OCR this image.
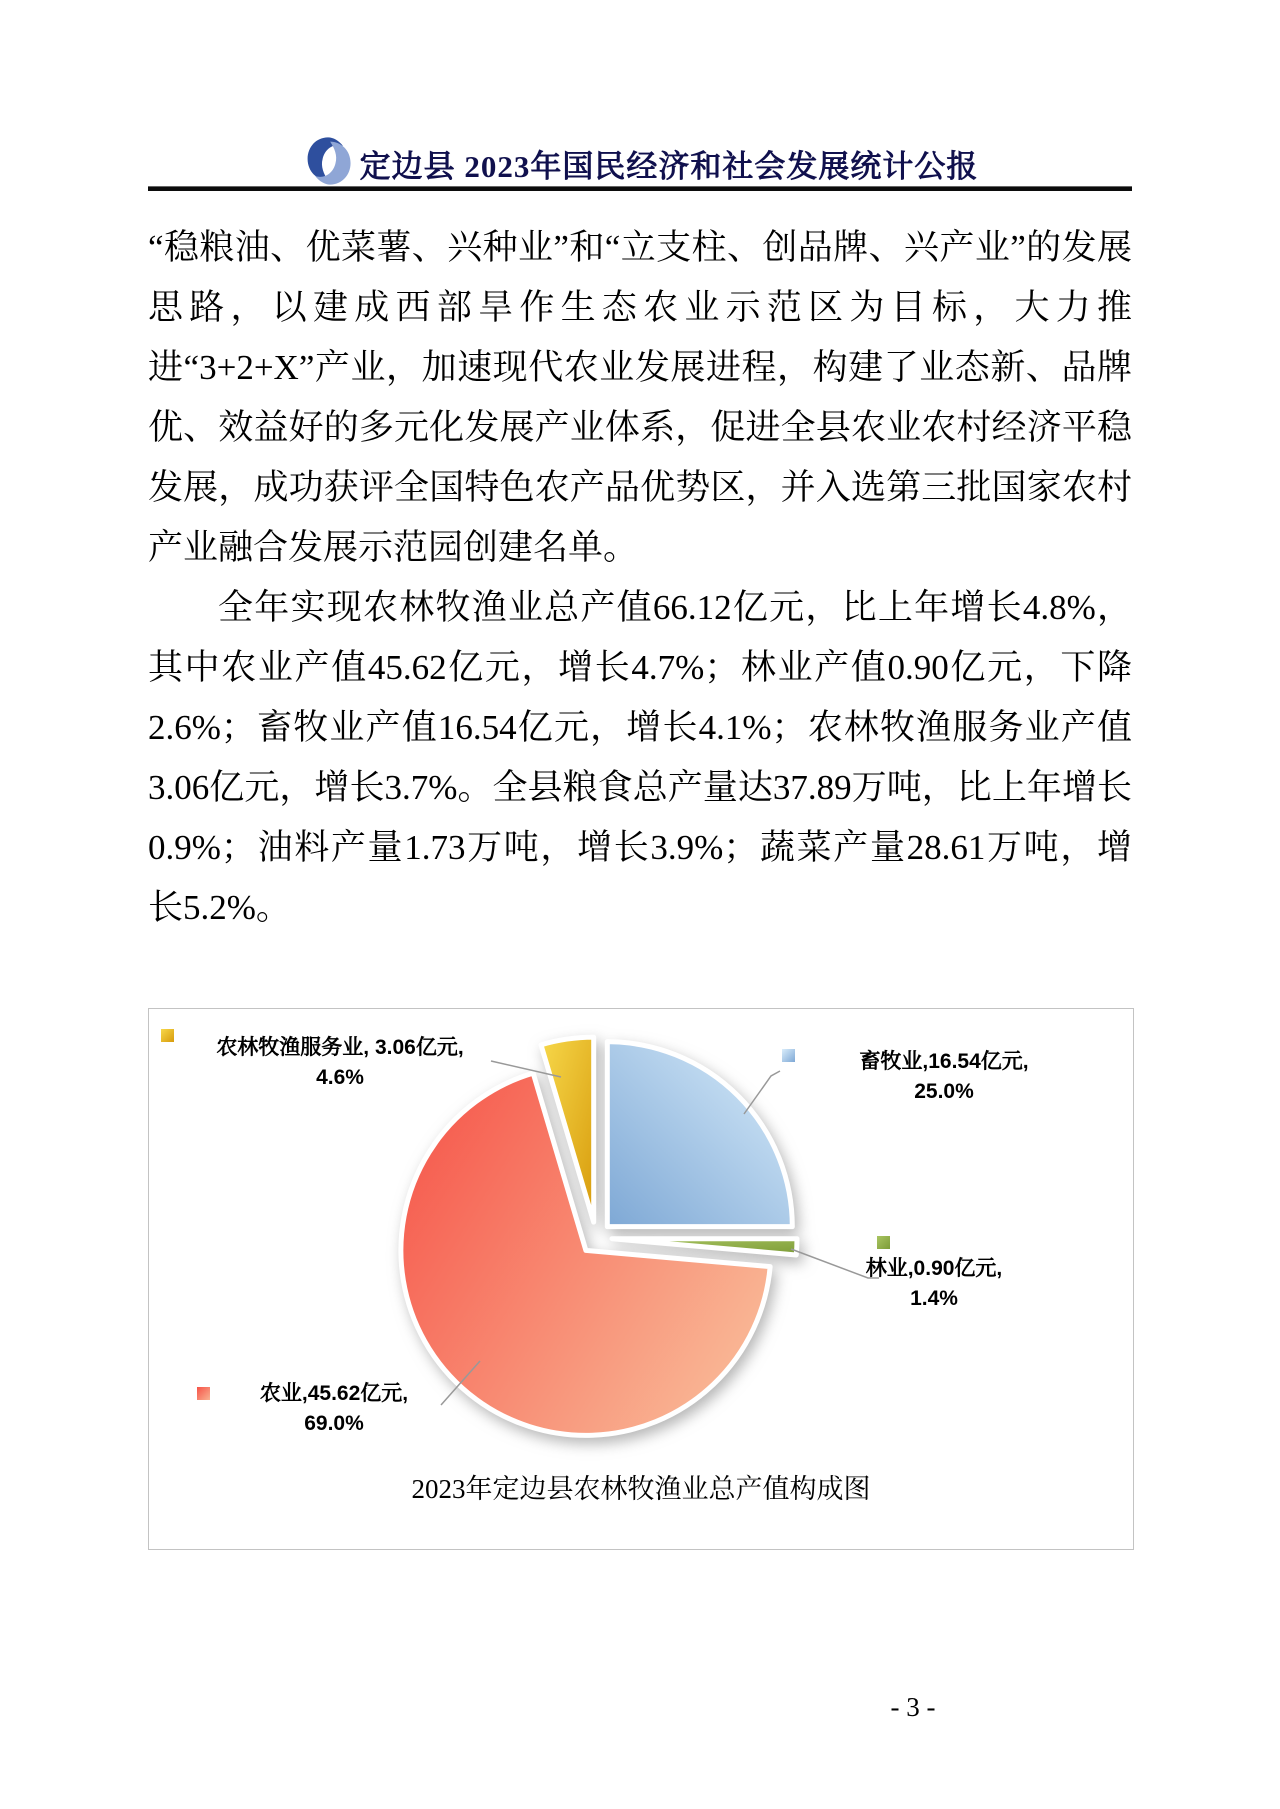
定边县 2023年国民经济和社会发展统计公报

“稳粮油、优菜薯、兴种业”和“立支柱、创品牌、兴产业”的发展思路，以建成西部旱作生态农业示范区为目标，大力推进“3+2+X”产业，加速现代农业发展进程，构建了业态新、品牌优、效益好的多元化发展产业体系，促进全县农业农村经济平稳发展，成功获评全国特色农产品优势区，并入选第三批国家农村产业融合发展示范园创建名单。

全年实现农林牧渔业总产值66.12亿元，比上年增长4.8%，其中农业产值45.62亿元，增长4.7%；林业产值0.90亿元，下降2.6%；畜牧业产值16.54亿元，增长4.1%；农林牧渔服务业产值3.06亿元，增长3.7%。全县粮食总产量达37.89万吨，比上年增长0.9%；油料产量1.73万吨，增长3.9%；蔬菜产量28.61万吨，增长5.2%。

农林牧渔服务业, 3.06亿元,
4.6%
畜牧业,16.54亿元,
25.0%
林业,0.90亿元,
1.4%
农业,45.62亿元,
69.0%
2023年定边县农林牧渔业总产值构成图
- 3 -
